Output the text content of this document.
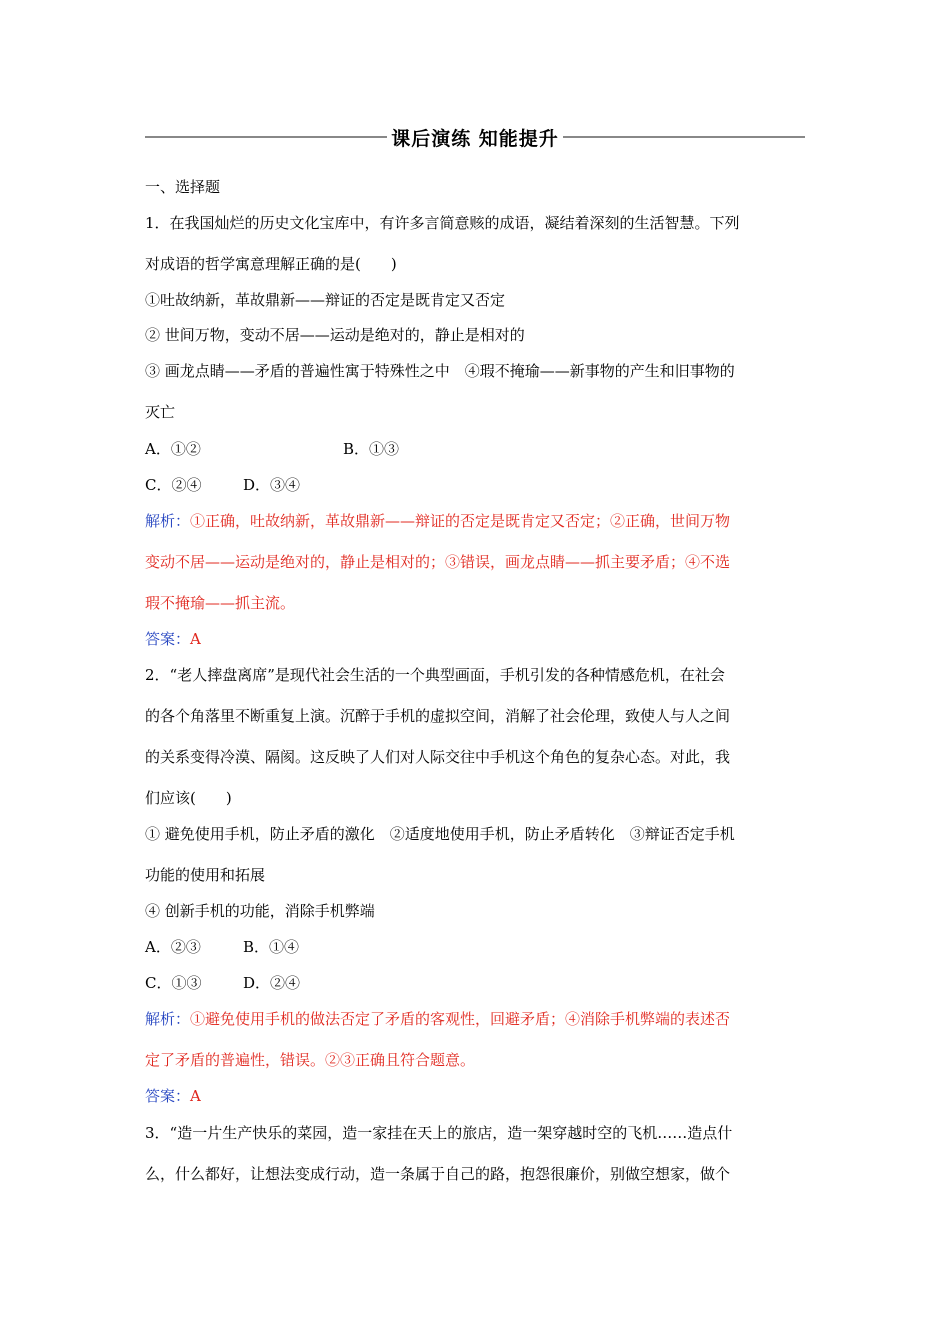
课后演练 知能提升
一、选择题
1．在我国灿烂的历史文化宝库中，有许多言简意赅的成语，凝结着深刻的生活智慧。下列
对成语的哲学寓意理解正确的是(　　)
①吐故纳新，革故鼎新——辩证的否定是既肯定又否定
② 世间万物，变动不居——运动是绝对的，静止是相对的
③ 画龙点睛——矛盾的普遍性寓于特殊性之中　④瑕不掩瑜——新事物的产生和旧事物的
灭亡
A．①②	B．①③
C．②④	D．③④
解析：①正确，吐故纳新，革故鼎新——辩证的否定是既肯定又否定；②正确，世间万物
变动不居——运动是绝对的，静止是相对的；③错误，画龙点睛——抓主要矛盾；④不选
瑕不掩瑜——抓主流。
答案：A
2．“老人摔盘离席”是现代社会生活的一个典型画面，手机引发的各种情感危机，在社会
的各个角落里不断重复上演。沉醉于手机的虚拟空间，消解了社会伦理，致使人与人之间
的关系变得冷漠、隔阂。这反映了人们对人际交往中手机这个角色的复杂心态。对此，我
们应该(　　)
① 避免使用手机，防止矛盾的激化　②适度地使用手机，防止矛盾转化　③辩证否定手机
功能的使用和拓展
④ 创新手机的功能，消除手机弊端
A．②③	B．①④
C．①③	D．②④
解析：①避免使用手机的做法否定了矛盾的客观性，回避矛盾；④消除手机弊端的表述否
定了矛盾的普遍性，错误。②③正确且符合题意。
答案：A
3．“造一片生产快乐的菜园，造一家挂在天上的旅店，造一架穿越时空的飞机……造点什
么，什么都好，让想法变成行动，造一条属于自己的路，抱怨很廉价，别做空想家，做个
